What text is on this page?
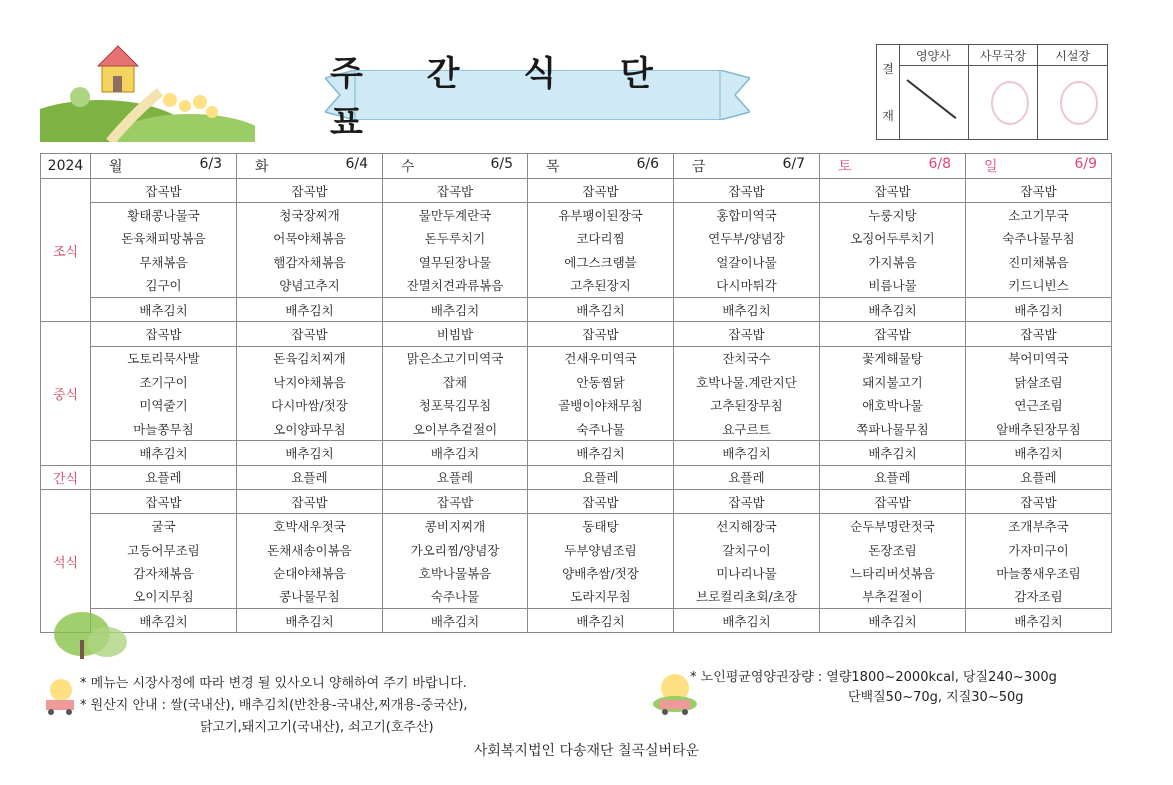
주 간 식 단 표
결
재
영양사	사무국장	시설장
2024	월 6/3	화 6/4	수 6/5	목 6/6	금 6/7	토 6/8	일 6/9

조식	잡곡밥	잡곡밥	잡곡밥	잡곡밥	잡곡밥	잡곡밥	잡곡밥
	황태콩나물국	청국장찌개	물만두계란국	유부팽이된장국	홍합미역국	누룽지탕	소고기무국
	돈육채피망볶음	어묵야채볶음	돈두루치기	코다리찜	연두부/양념장	오징어두루치기	숙주나물무침
	무채볶음	햄감자채볶음	열무된장나물	에그스크램블	얼갈이나물	가지볶음	진미채볶음
	김구이	양념고추지	잔멸치견과류볶음	고추된장지	다시마튀각	비름나물	키드니빈스
	배추김치	배추김치	배추김치	배추김치	배추김치	배추김치	배추김치
중식	잡곡밥	잡곡밥	비빔밥	잡곡밥	잡곡밥	잡곡밥	잡곡밥
	도토리묵사발	돈육김치찌개	맑은소고기미역국	건새우미역국	잔치국수	꽃게해물탕	북어미역국
	조기구이	낙지야채볶음	잡채	안동찜닭	호박나물.계란지단	돼지불고기	닭살조림
	미역줄기	다시마쌈/젓장	청포묵김무침	골뱅이야채무침	고추된장무침	애호박나물	연근조림
	마늘쫑무침	오이양파무침	오이부추겉절이	숙주나물	요구르트	쪽파나물무침	알배추된장무침
	배추김치	배추김치	배추김치	배추김치	배추김치	배추김치	배추김치
간식	요플레	요플레	요플레	요플레	요플레	요플레	요플레
석식	잡곡밥	잡곡밥	잡곡밥	잡곡밥	잡곡밥	잡곡밥	잡곡밥
	굴국	호박새우젓국	콩비지찌개	동태탕	선지해장국	순두부명란젓국	조개부추국
	고등어무조림	돈채새송이볶음	가오리찜/양념장	두부양념조림	갈치구이	돈장조림	가자미구이
	감자채볶음	순대야채볶음	호박나물볶음	양배추쌈/젓장	미나리나물	느타리버섯볶음	마늘쫑새우조림
	오이지무침	콩나물무침	숙주나물	도라지무침	브로컬리초회/초장	부추겉절이	감자조림
	배추김치	배추김치	배추김치	배추김치	배추김치	배추김치	배추김치
* 메뉴는 시장사정에 따라 변경 될 있사오니 양해하여 주기 바랍니다.
* 원산지 안내 : 쌀(국내산), 배추김치(반찬용-국내산,찌개용-중국산),
닭고기,돼지고기(국내산), 쇠고기(호주산)
* 노인평균영양권장량 : 열량1800~2000kcal, 당질240~300g
단백질50~70g, 지질30~50g
사회복지법인 다송재단 칠곡실버타운
